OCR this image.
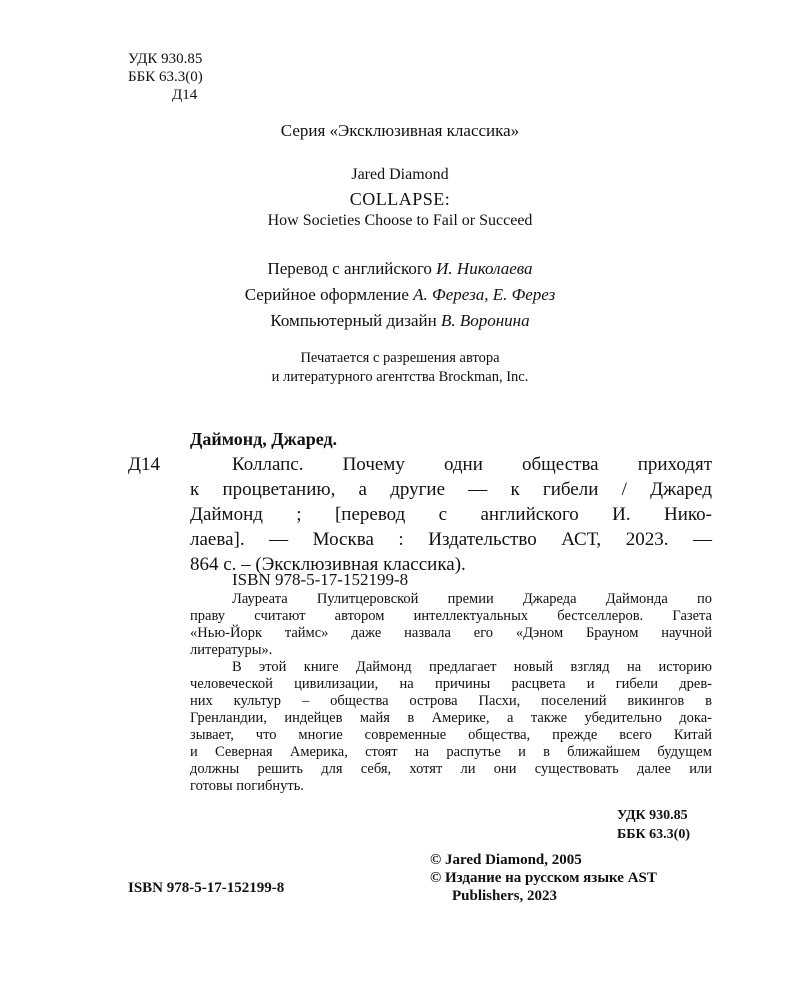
УДК 930.85
ББК 63.3(0)
Д14
Серия «Эксклюзивная классика»
Jared Diamond
COLLAPSE:
How Societies Choose to Fail or Succeed
Перевод с английского И. Николаева
Серийное оформление А. Фереза, Е. Ферез
Компьютерный дизайн В. Воронина
Печатается с разрешения автора
и литературного агентства Brockman, Inc.
Даймонд, Джаред.
Д14	Коллапс. Почему одни общества приходят
к процветанию, а другие — к гибели / Джаред
Даймонд ; [перевод с английского И. Нико-
лаева]. — Москва : Издательство АСТ, 2023. —
864 с. – (Эксклюзивная классика).
ISBN 978-5-17-152199-8
Лауреата Пулитцеровской премии Джареда Даймонда по
праву считают автором интеллектуальных бестселлеров. Газета
«Нью-Йорк таймс» даже назвала его «Дэном Брауном научной
литературы».
В этой книге Даймонд предлагает новый взгляд на историю
человеческой цивилизации, на причины расцвета и гибели древ-
них культур – общества острова Пасхи, поселений викингов в
Гренландии, индейцев майя в Америке, а также убедительно дока-
зывает, что многие современные общества, прежде всего Китай
и Северная Америка, стоят на распутье и в ближайшем будущем
должны решить для себя, хотят ли они существовать далее или
готовы погибнуть.
УДК 930.85
ББК 63.3(0)
© Jared Diamond, 2005
© Издание на русском языке AST
Publishers, 2023
ISBN 978-5-17-152199-8
